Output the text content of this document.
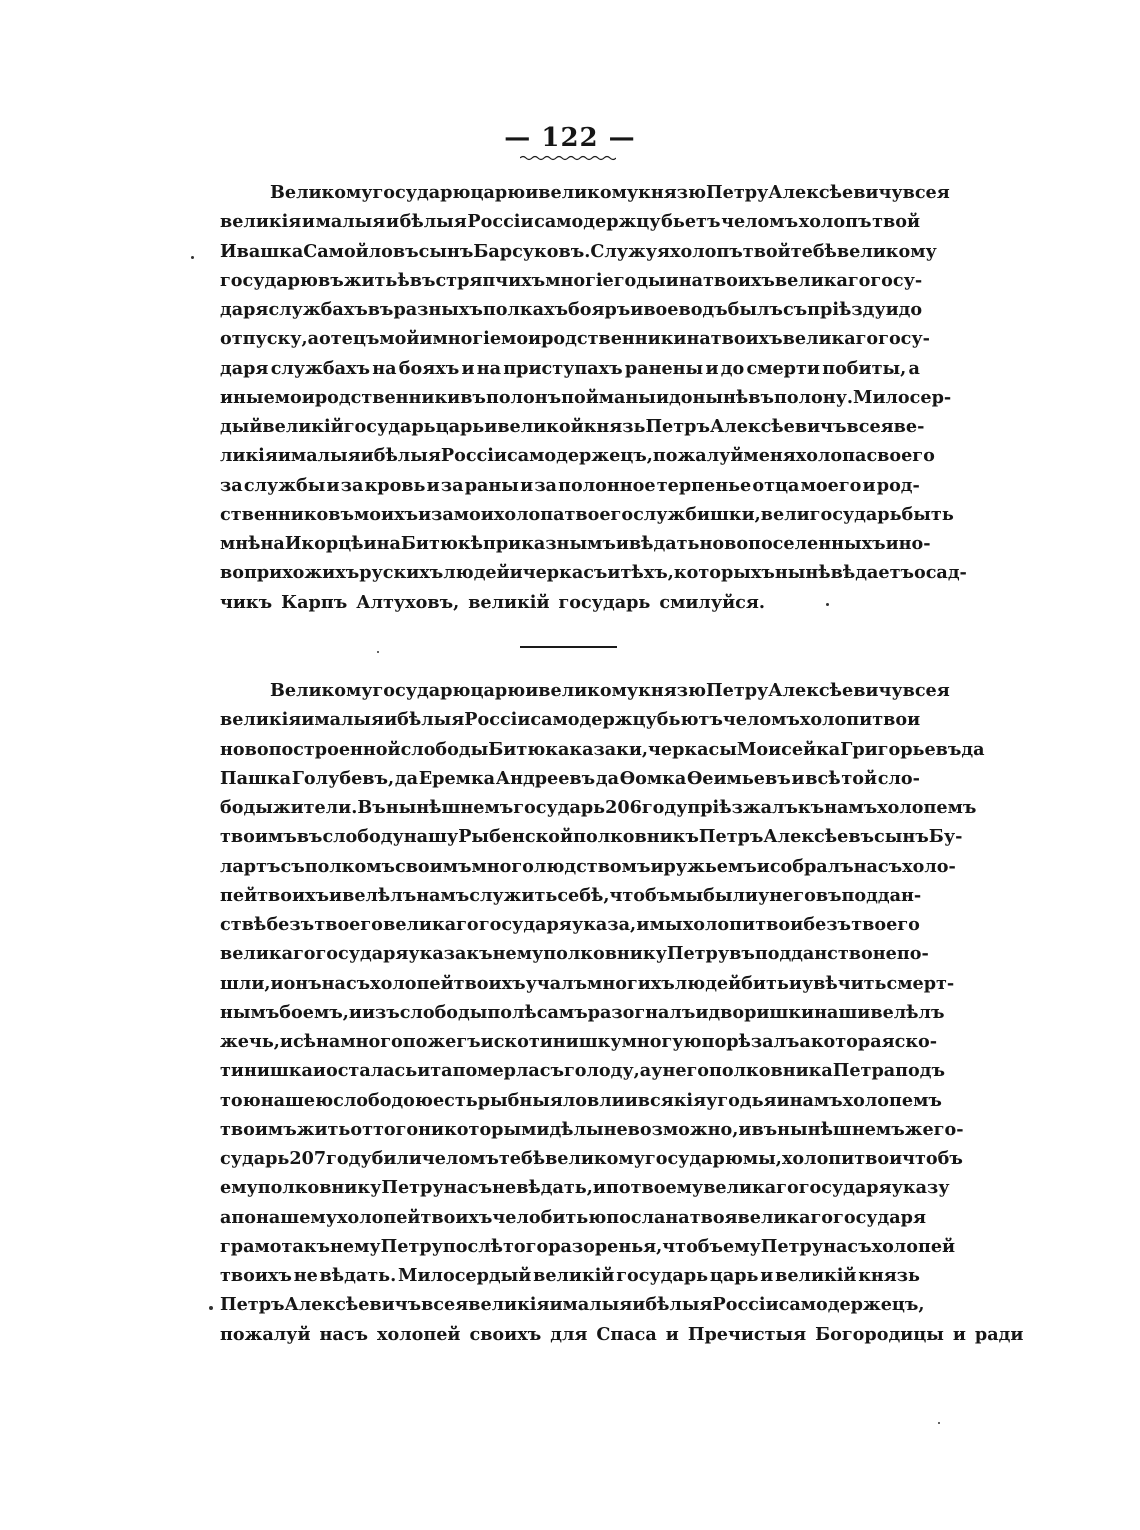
— 122 —
Великому государю царю и великому князю Петру Алексѣевичу всея
великія и малыя и бѣлыя Россіи самодержцу бьетъ челомъ холопъ твой
Ивашка Самойловъ сынъ Барсуковъ. Служу я холопъ твой тебѣ великому
государю въ житьѣ въ стряпчихъ многіе годы и на твоихъ великаго госу-
даря службахъ въ разныхъ полкахъ бояръ и воеводъ былъ съ пріѣзду и до
отпуску, а отецъ мой и многіе мои родственники на твоихъ великаго госу-
даря службахъ на бояхъ и на приступахъ ранены и до смерти побиты, а
иные мои родственники въ полонъ пойманы и до нынѣ въ полону. Милосер-
дый великій государь царь и великой князь Петръ Алексѣевичъ всея ве-
ликія и малыя и бѣлыя Россіи самодержецъ, пожалуй меня холопа своего
за службы и за кровь и за раны и за полонное терпенье отца моего и род-
ственниковъ моихъ и за мои холопа твоего службишки, вели государь быть
мнѣ на Икорцѣ и на Битюкѣ приказнымъ и вѣдать новопоселенныхъ и но-
воприхожихъ рускихъ людей и черкасъ и тѣхъ, которыхъ нынѣ вѣдаетъ осад-
чикъ Карпъ Алтуховъ, великій государь смилуйся.
Великому государю царю и великому князю Петру Алексѣевичу всея
великія и малыя и бѣлыя Россіи самодержцу бьютъ челомъ холопи твои
новопостроенной слободы Битюка казаки, черкасы Моисейка Григорьевъ да
Пашка Голубевъ, да Еремка Андреевъ да Ѳомка Ѳеимьевъ и всѣ той сло-
боды жители. Въ нынѣшнемъ государь 206 году пріѣзжалъ къ намъ холопемъ
твоимъ въ слободу нашу Рыбенской полковникъ Петръ Алексѣевъ сынъ Бу-
лартъ съ полкомъ своимъ многолюдствомъ и ружьемъ и собралъ насъ холо-
пей твоихъ и велѣлъ намъ служить себѣ, чтобъ мы были у него въ поддан-
ствѣ безъ твоего великаго государя указа, и мы холопи твои безъ твоего
великаго государя указа къ нему полковнику Петру въ подданство не по-
шли, и онъ насъ холопей твоихъ учалъ многихъ людей бить и увѣчить смерт-
нымъ боемъ, и изъ слободы по лѣсамъ разогналъ и дворишки наши велѣлъ
жечь, и сѣна много пожегъ и скотинишку многую порѣзалъ а которая ско-
тинишка и осталась и та померла съ голоду, а у него полковника Петра подъ
тою нашею слободою есть рыбныя ловли и всякія угодья и намъ холопемъ
твоимъ жить оттого никоторыми дѣлы невозможно, и въ нынѣшнемъ же го-
сударь 207 году били челомъ тебѣ великому государю мы, холопи твои чтобъ
ему полковнику Петру насъ не вѣдать, и по твоему великаго государя указу
а по нашему холопей твоихъ челобитью послана твоя великаго государя
грамота къ нему Петру послѣ того разоренья, чтобъ ему Петру насъ холопей
твоихъ не вѣдать. Милосердый великій государь царь и великій князь
Петръ Алексѣевичъ всея великія и малыя и бѣлыя Россіи самодержецъ,
пожалуй насъ холопей своихъ для Спаса и Пречистыя Богородицы и ради
